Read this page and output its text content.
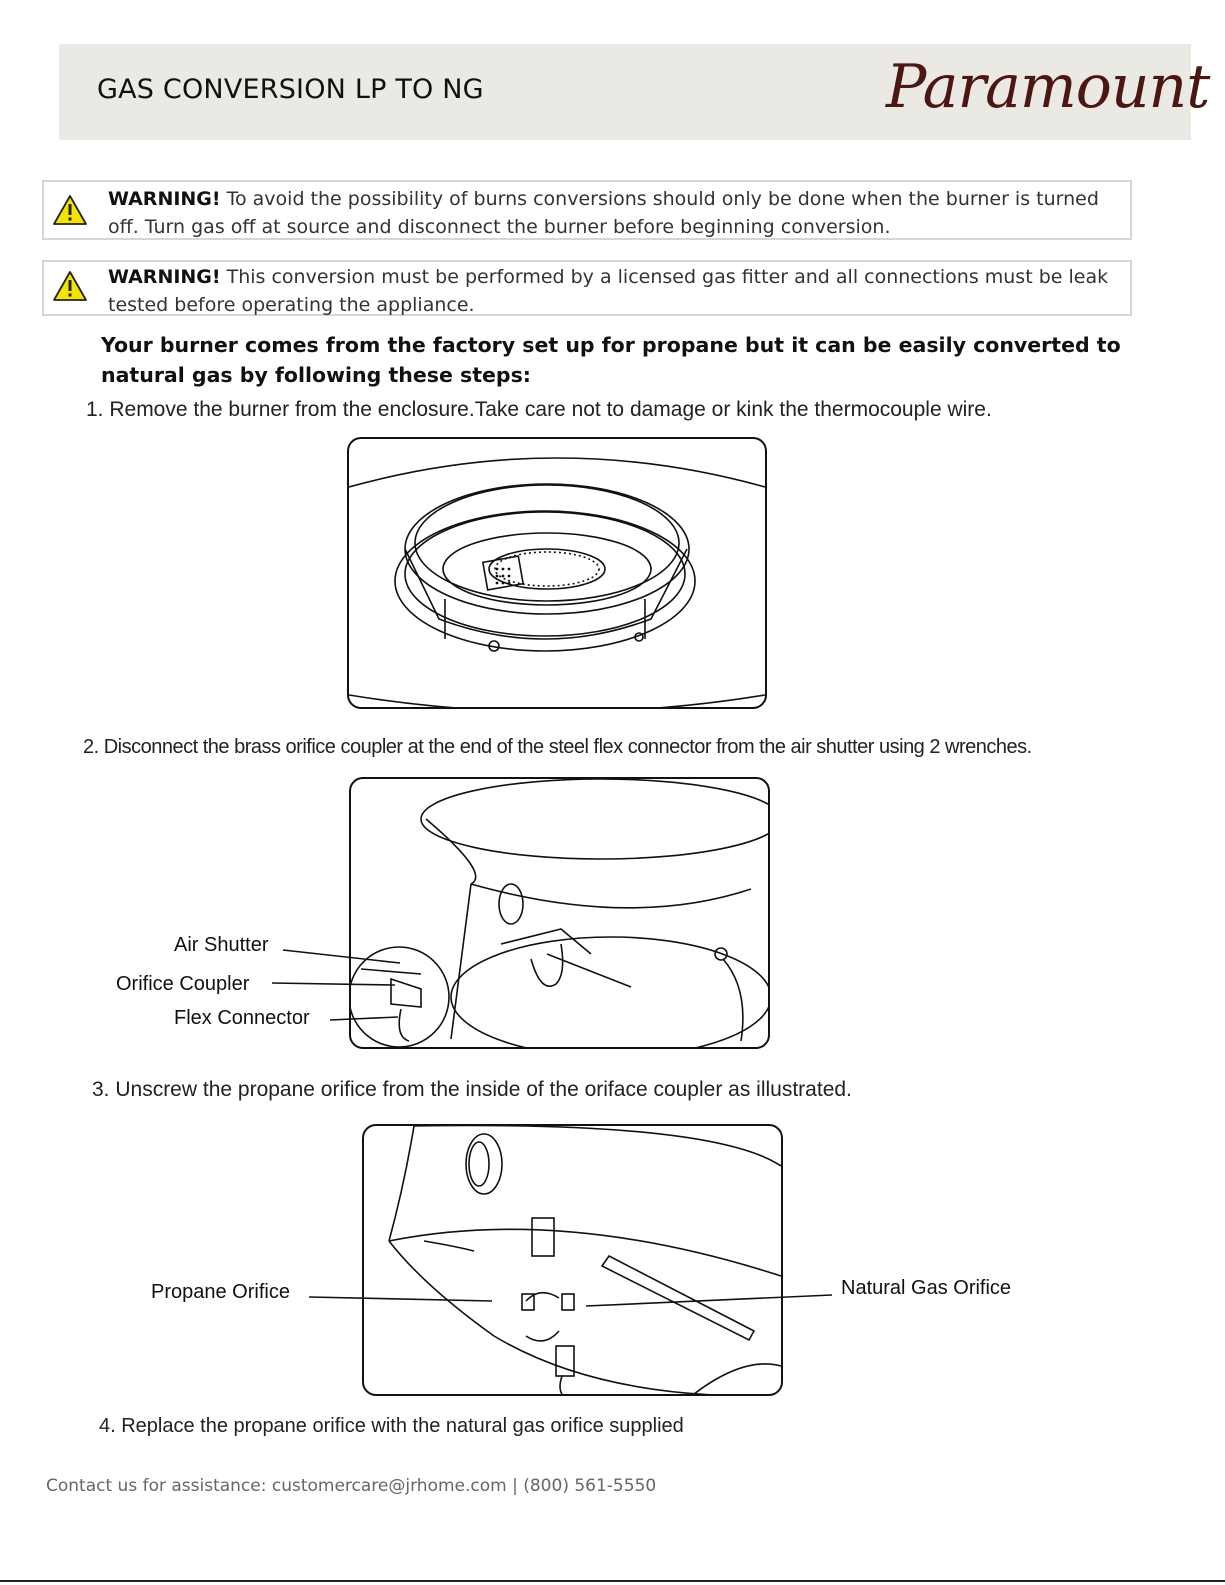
GAS CONVERSION LP TO NG	Paramount
WARNING! To avoid the possibility of burns conversions should only be done when the burner is turned off. Turn gas off at source and disconnect the burner before beginning conversion.
WARNING! This conversion must be performed by a licensed gas fitter and all connections must be leak tested before operating the appliance.
Your burner comes from the factory set up for propane but it can be easily converted to natural gas by following these steps:
1. Remove the burner from the enclosure.Take care not to damage or kink the thermocouple wire.
2. Disconnect the brass orifice coupler at the end of the steel flex connector from the air shutter using 2 wrenches.
Air Shutter
Orifice Coupler
Flex Connector
3. Unscrew the propane orifice from the inside of the oriface coupler as illustrated.
Propane Orifice	Natural Gas Orifice
4. Replace the propane orifice with the natural gas orifice supplied
Contact us for assistance: customercare@jrhome.com | (800) 561-5550
